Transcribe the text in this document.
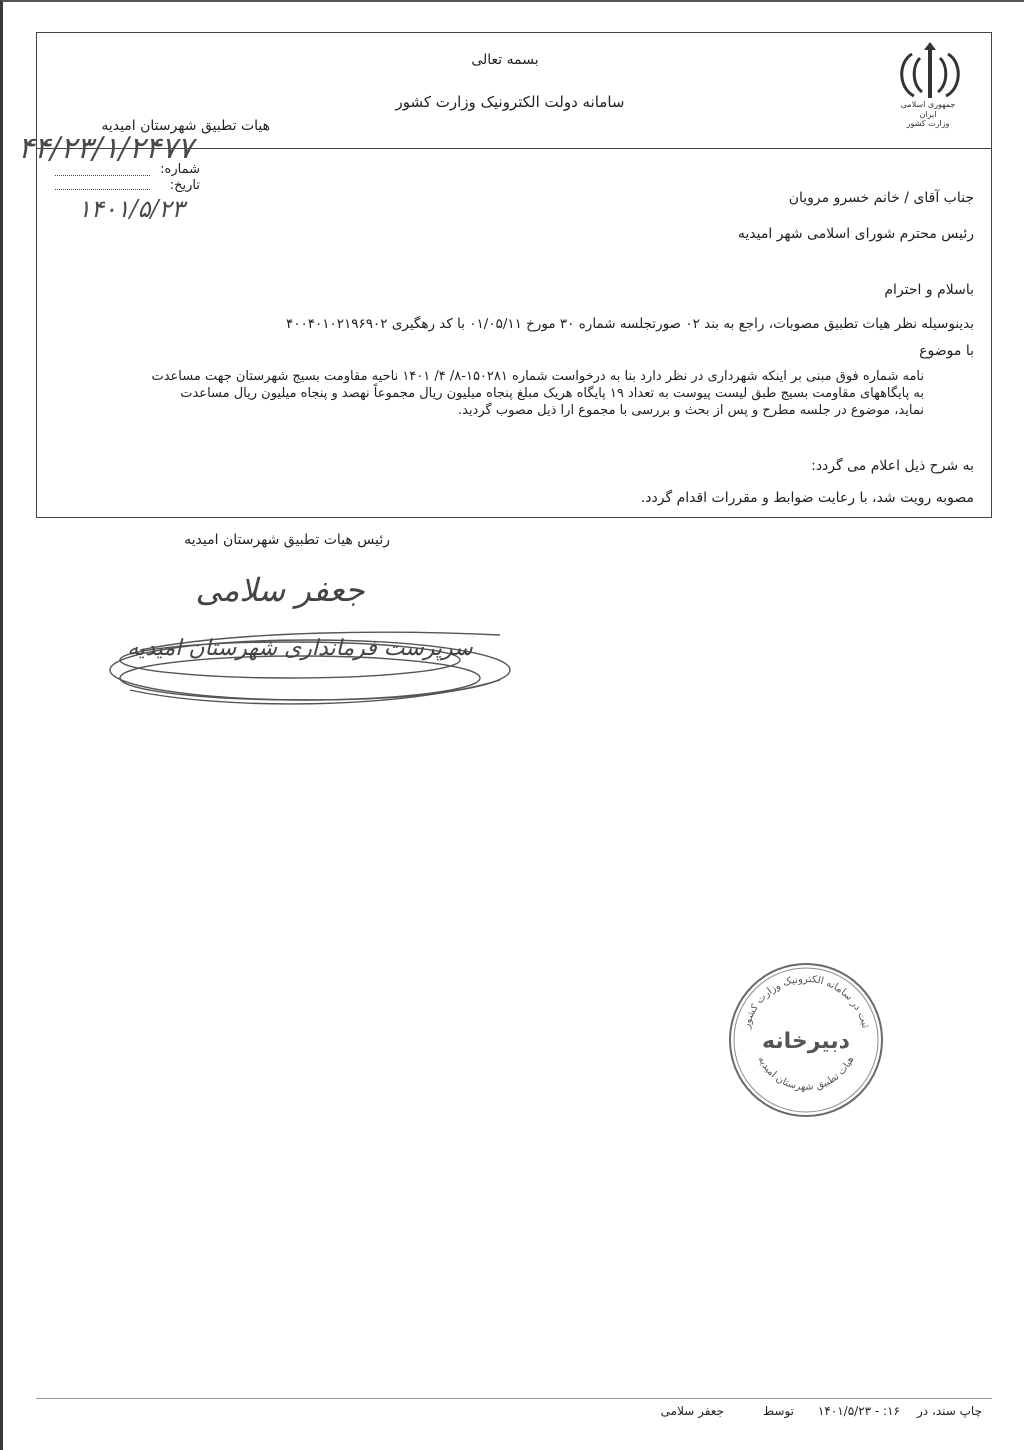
جمهوری اسلامی ایران
وزارت کشور
بسمه تعالی
سامانه دولت الکترونیک وزارت کشور
هیات تطبیق شهرستان امیدیه
۴۴/۲۳/۱/۲۴۷۷
شماره:
تاریخ:
۱۴۰۱/۵/۲۳	جناب آقای / خانم خسرو مرویان
رئیس محترم شورای اسلامی شهر امیدیه
باسلام و احترام
بدینوسیله نظر هیات تطبیق مصوبات، راجع به بند ۰۲ صورتجلسه شماره ۳۰ مورخ ۰۱/۰۵/۱۱ با کد رهگیری ۴۰۰۴۰۱۰۲۱۹۶۹۰۲
با موضوع
نامه شماره فوق مبنی بر اینکه شهرداری در نظر دارد بنا به درخواست شماره ۱۵۰۲۸۱-۸/ ۴/ ۱۴۰۱ ناحیه مقاومت بسیج شهرستان جهت مساعدت
به پایگاههای مقاومت بسیج طبق لیست پیوست به تعداد ۱۹ پایگاه هریک مبلغ پنجاه میلیون ریال مجموعاً نهصد و پنجاه میلیون ریال مساعدت
نماید، موضوع در جلسه مطرح و پس از بحث و بررسی با مجموع ارا ذیل مصوب گردید.
به شرح ذیل اعلام می گردد:
مصوبه رویت شد، با رعایت ضوابط و مقررات اقدام گردد.
رئیس هیات تطبیق شهرستان امیدیه
جعفر سلامی
سرپرست فرمانداری شهرستان امیدیه
ثبت در سامانه الکترونیک وزارت کشور
دبیرخانه
هیات تطبیق شهرستان امیدیه
چاپ سند، در
۱۶: - ۱۴۰۱/۵/۲۳
توسط
جعفر سلامی
